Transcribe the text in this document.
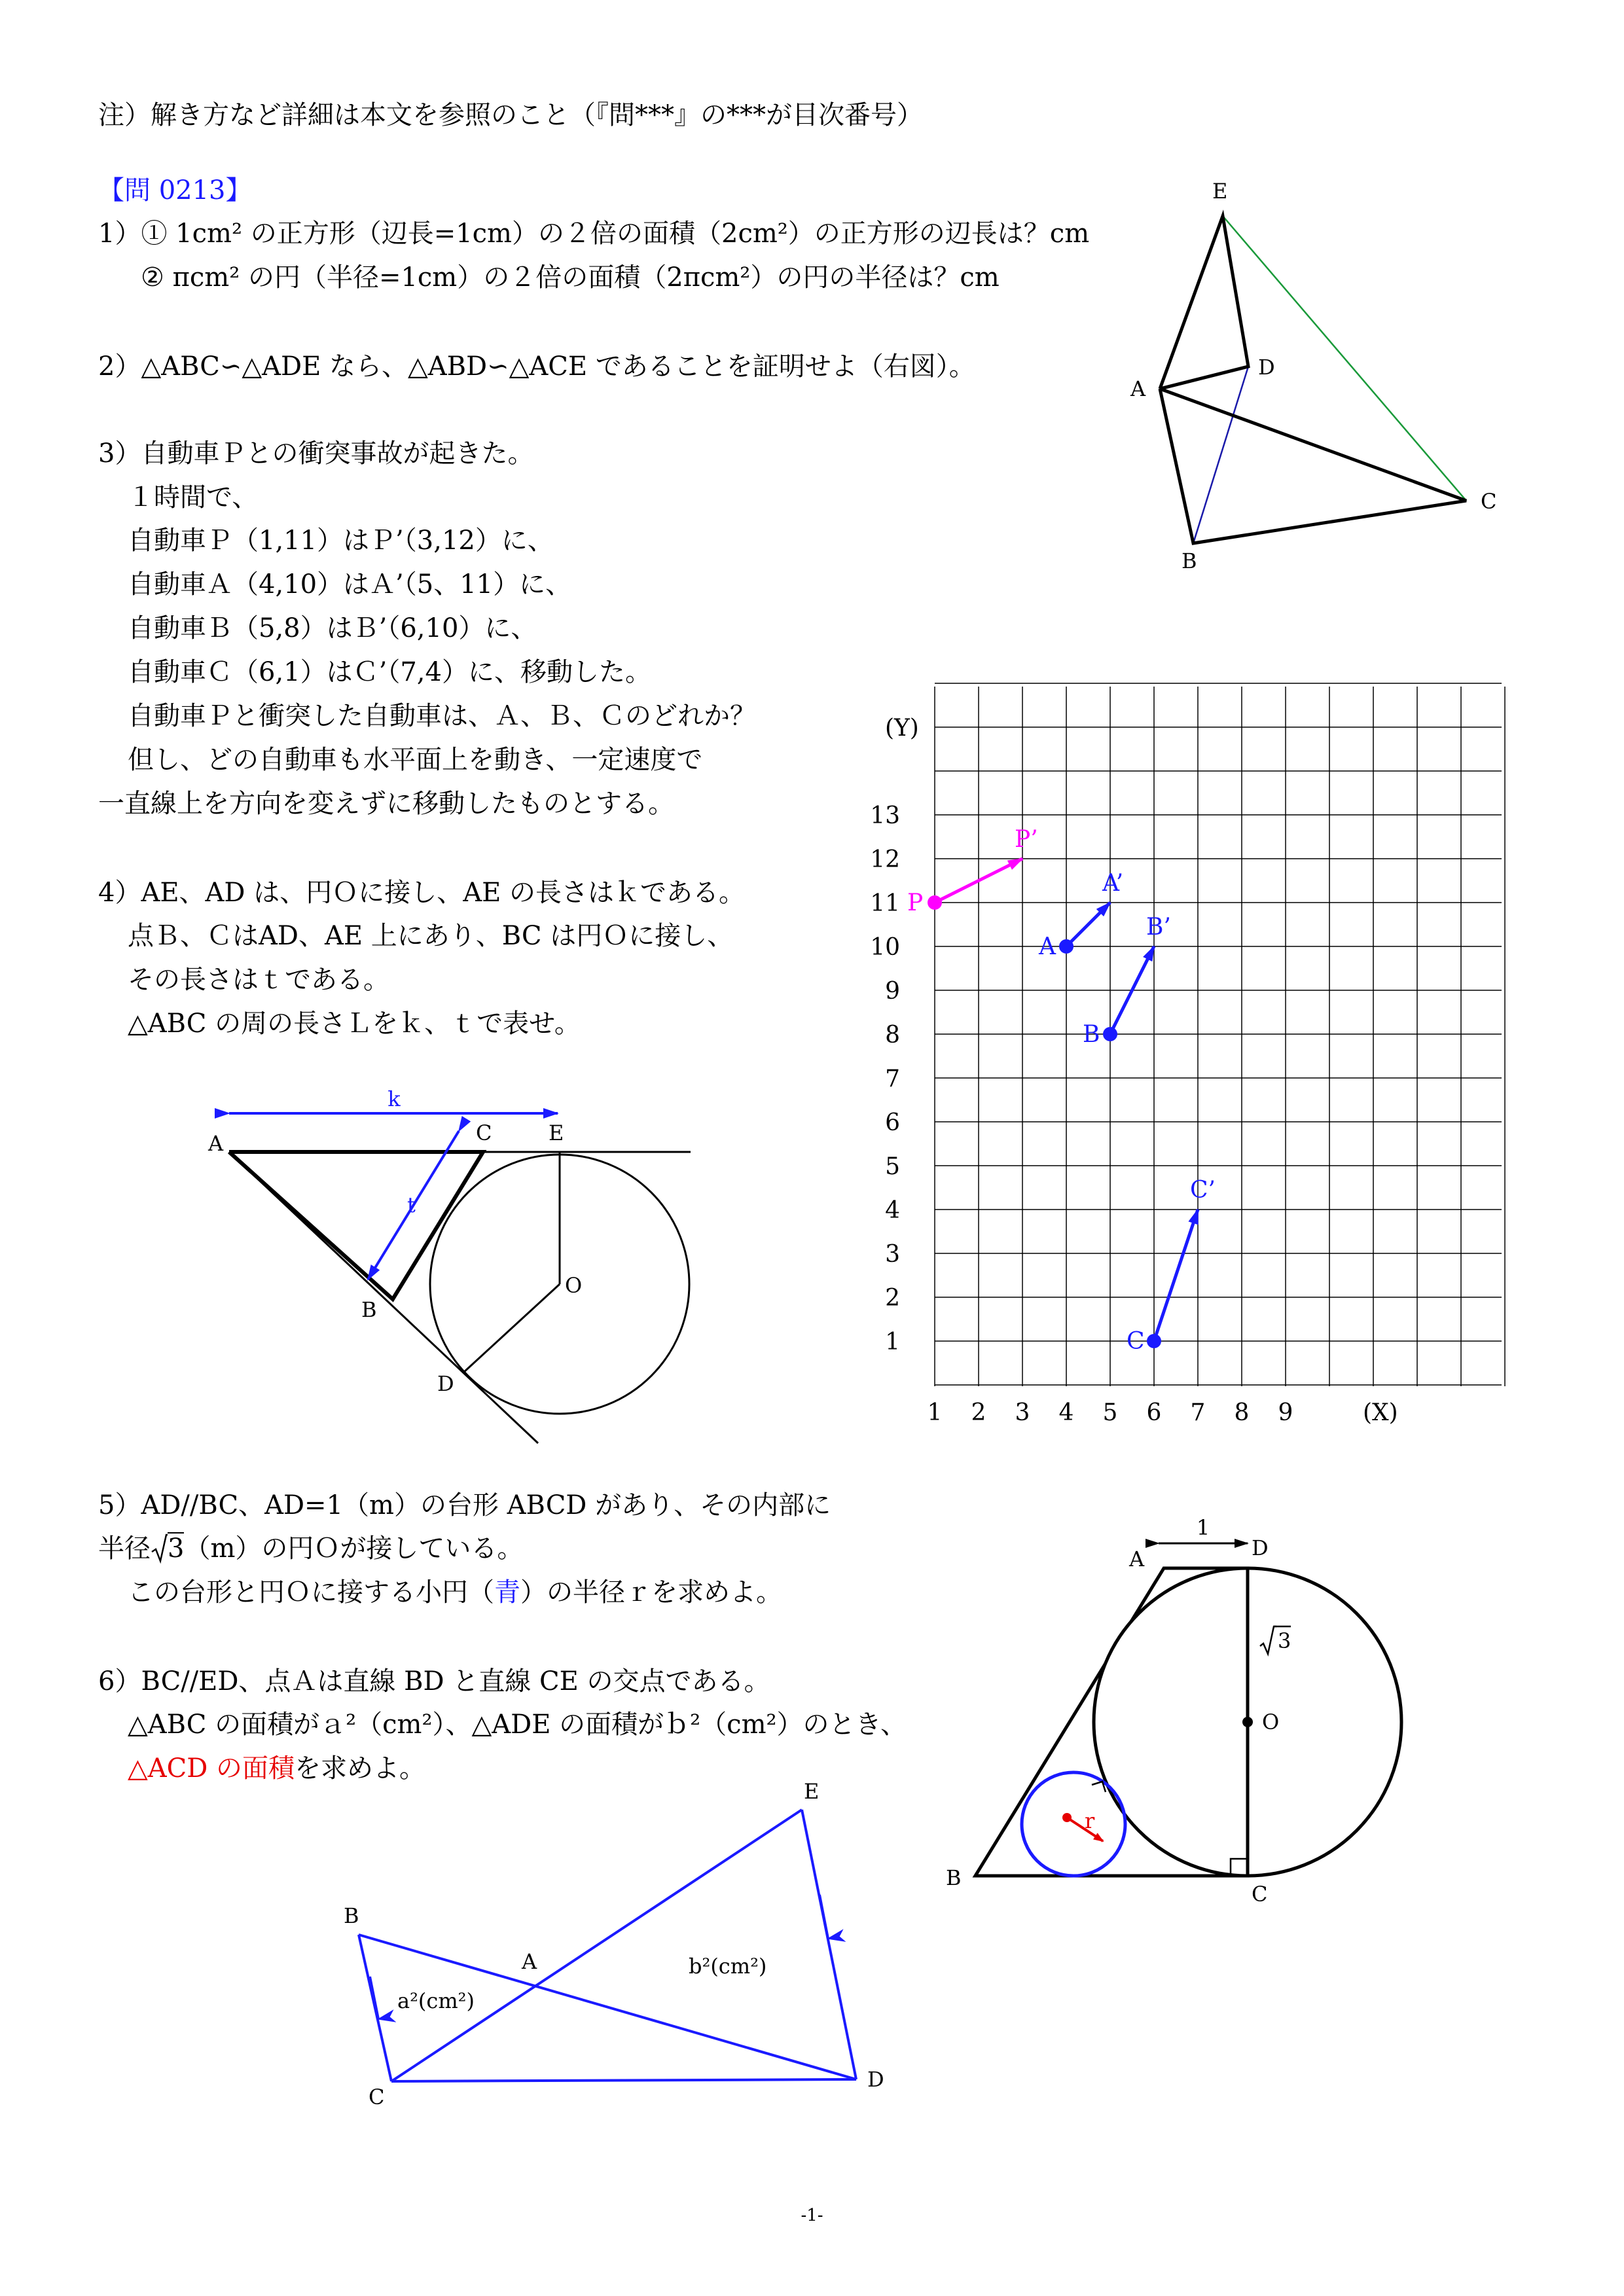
注）解き方など詳細は本文を参照のこと（『問***』の***が目次番号）
【問 0213】
1）① 1cm² の正方形（辺長=1cm）の２倍の面積（2cm²）の正方形の辺長は？cm
② πcm² の円（半径=1cm）の２倍の面積（2πcm²）の円の半径は？cm
2）△ABC∽△ADE なら、△ABD∽△ACE であることを証明せよ（右図）。
3）自動車Ｐとの衝突事故が起きた。
１時間で、
自動車Ｐ（1,11）はＰ’（3,12）に、
自動車Ａ（4,10）はＡ’（5、11）に、
自動車Ｂ（5,8）はＢ’（6,10）に、
自動車Ｃ（6,1）はＣ’（7,4）に、移動した。
自動車Ｐと衝突した自動車は、Ａ、Ｂ、Ｃのどれか？
但し、どの自動車も水平面上を動き、一定速度で
一直線上を方向を変えずに移動したものとする。
4）AE、AD は、円Ｏに接し、AE の長さはｋである。
点Ｂ、ＣはAD、AE 上にあり、BC は円Ｏに接し、
その長さはｔである。
△ABC の周の長さＬをｋ、ｔで表せ。
5）AD//BC、AD=1（m）の台形 ABCD があり、その内部に
半径 3（m）の円Ｏが接している。
この台形と円Ｏに接する小円（青）の半径ｒを求めよ。
6）BC//ED、点Ａは直線 BD と直線 CE の交点である。
△ABC の面積がａ²（cm²）、△ADE の面積がｂ²（cm²）のとき、
△ACD の面積を求めよ。
-1-
E
D
A
C
B
1
2
3
4
5
6
7
8
9
10
11
12
13
1 2 3 4 5 6 7 8 9
(Y)
(X)
P
P’
A
A’
B
B’
C
C’
k
t
A	C	E
B
O
D
1
r
3
A	D
O
B
C
B
A
E
C
D
a²(cm²)
b²(cm²)
